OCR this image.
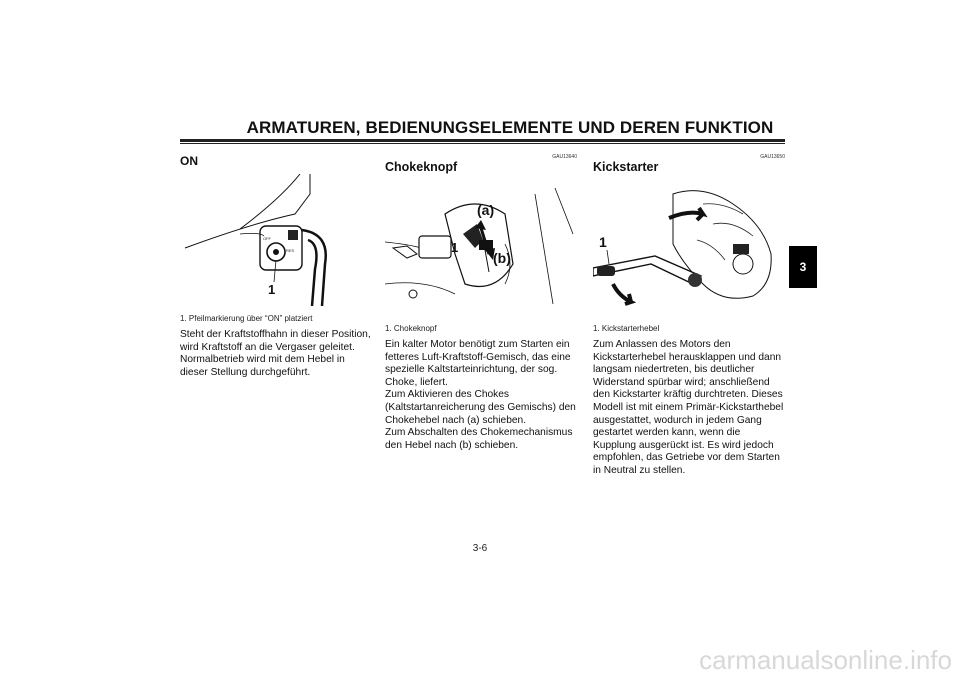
ARMATUREN, BEDIENUNGSELEMENTE UND DEREN FUNKTION
3
ON
OFF
RES
1
1. Pfeilmarkierung über “ON” platziert
Steht der Kraftstoffhahn in dieser Position, wird Kraftstoff an die Vergaser geleitet. Normalbetrieb wird mit dem Hebel in dieser Stellung durchgeführt.
GAU13640
Chokeknopf
(a)
1
(b)
1. Chokeknopf
Ein kalter Motor benötigt zum Starten ein fetteres Luft-Kraftstoff-Gemisch, das eine spezielle Kaltstarteinrichtung, der sog. Choke, liefert.
Zum Aktivieren des Chokes (Kaltstartanreicherung des Gemischs) den Chokehebel nach (a) schieben.
Zum Abschalten des Chokemechanismus den Hebel nach (b) schieben.
GAU13650
Kickstarter
1
1. Kickstarterhebel
Zum Anlassen des Motors den Kickstarterhebel herausklappen und dann langsam niedertreten, bis deutlicher Widerstand spürbar wird; anschließend den Kickstarter kräftig durchtreten. Dieses Modell ist mit einem Primär-Kickstarthebel ausgestattet, wodurch in jedem Gang gestartet werden kann, wenn die Kupplung ausgerückt ist. Es wird jedoch empfohlen, das Getriebe vor dem Starten in Neutral zu stellen.
3-6
carmanualsonline.info
